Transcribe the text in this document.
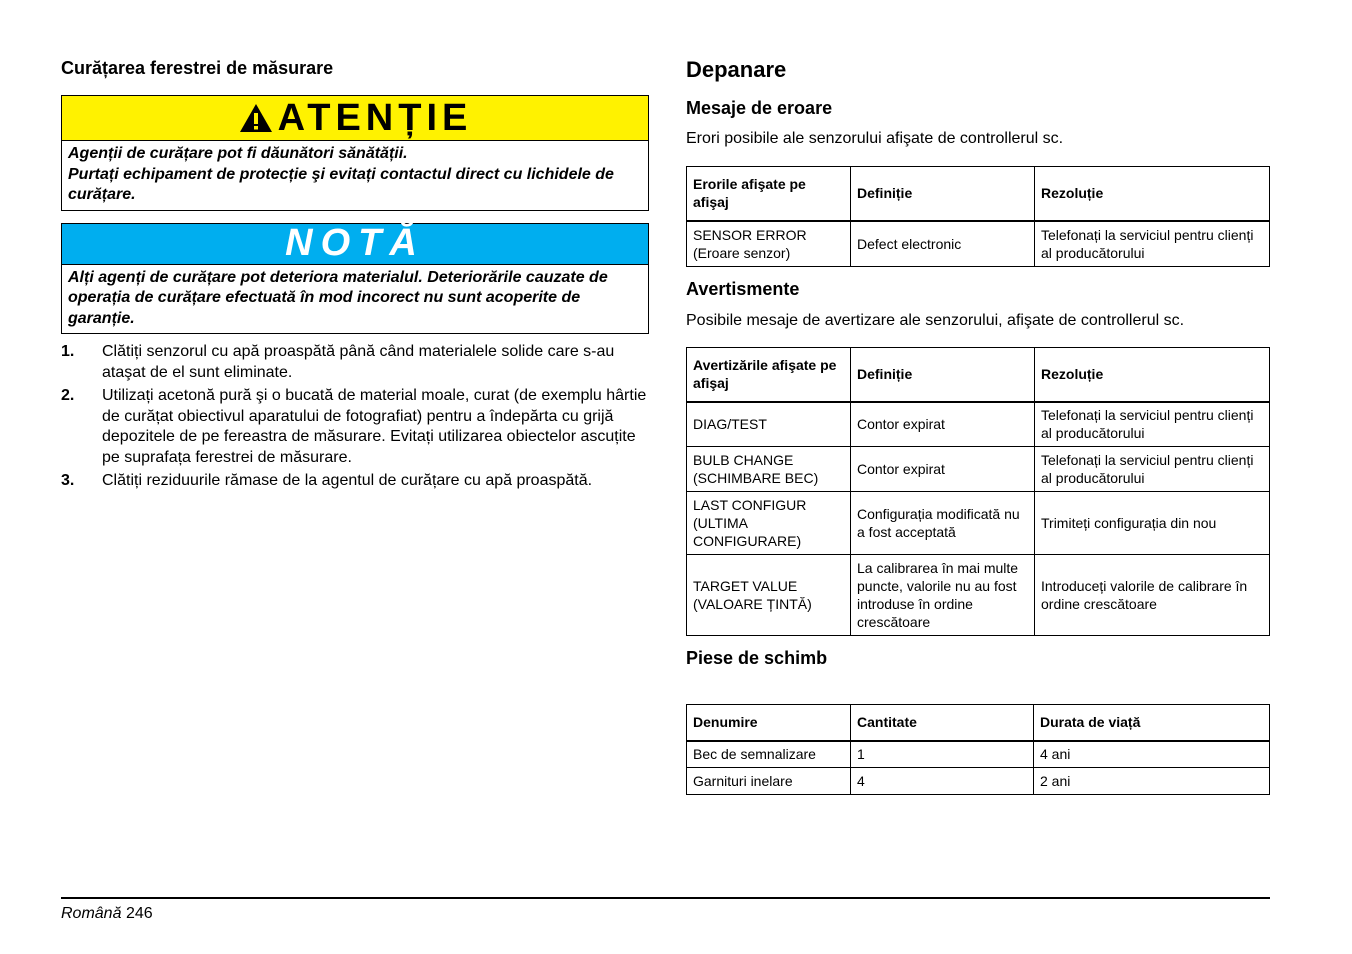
Curățarea ferestrei de măsurare
ATENȚIE
Agenții de curățare pot fi dăunători sănătății.
Purtați echipament de protecție şi evitați contactul direct cu lichidele de curățare.
NOTĂ
Alți agenți de curățare pot deteriora materialul. Deteriorările cauzate de operația de curățare efectuată în mod incorect nu sunt acoperite de garanție.
1.	Clătiți senzorul cu apă proaspătă până când materialele solide care s-au ataşat de el sunt eliminate.
2.	Utilizați acetonă pură şi o bucată de material moale, curat (de exemplu hârtie de curățat obiectivul aparatului de fotografiat) pentru a îndepărta cu grijă depozitele de pe fereastra de măsurare. Evitați utilizarea obiectelor ascuțite pe suprafața ferestrei de măsurare.
3.	Clătiți reziduurile rămase de la agentul de curățare cu apă proaspătă.
Depanare
Mesaje de eroare

Erori posibile ale senzorului afişate de controllerul sc.

Erorile afişate pe afişaj	Definiție	Rezoluție
SENSOR ERROR (Eroare senzor)	Defect electronic	Telefonați la serviciul pentru clienți al producătorului
Avertismente

Posibile mesaje de avertizare ale senzorului, afişate de controllerul sc.

Avertizările afişate pe afişaj	Definiție	Rezoluție
DIAG/TEST	Contor expirat	Telefonați la serviciul pentru clienți al producătorului
BULB CHANGE (SCHIMBARE BEC)	Contor expirat	Telefonați la serviciul pentru clienți al producătorului
LAST CONFIGUR (ULTIMA CONFIGURARE)	Configurația modificată nu a fost acceptată	Trimiteți configurația din nou
TARGET VALUE (VALOARE ȚINTĂ)	La calibrarea în mai multe puncte, valorile nu au fost introduse în ordine crescătoare	Introduceți valorile de calibrare în ordine crescătoare
Piese de schimb
Denumire	Cantitate	Durata de viață
Bec de semnalizare	1	4 ani
Garnituri inelare	4	2 ani
Română 246
